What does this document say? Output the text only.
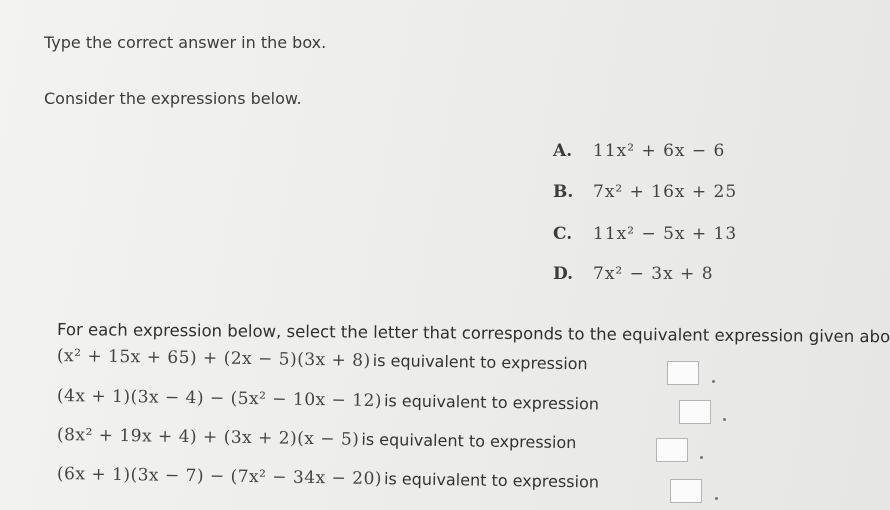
Type the correct answer in the box.
Consider the expressions below.
A. 11x² + 6x − 6
B. 7x² + 16x + 25
C. 11x² − 5x + 13
D. 7x² − 3x + 8
For each expression below, select the letter that corresponds to the equivalent expression given abo
(x² + 15x + 65) + (2x − 5)(3x + 8) is equivalent to expression
(4x + 1)(3x − 4) − (5x² − 10x − 12) is equivalent to expression
(8x² + 19x + 4) + (3x + 2)(x − 5) is equivalent to expression
(6x + 1)(3x − 7) − (7x² − 34x − 20) is equivalent to expression
